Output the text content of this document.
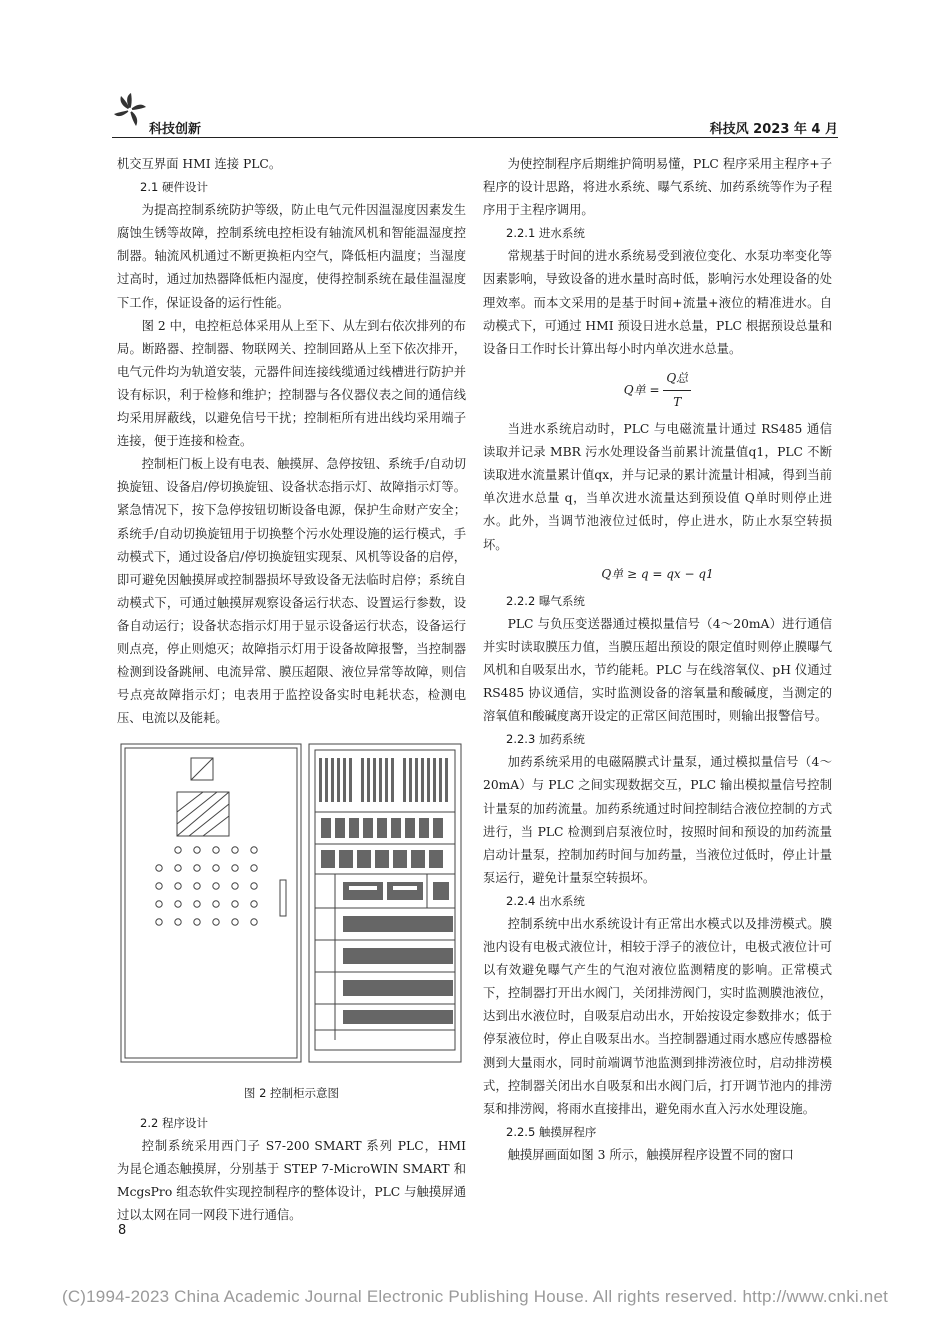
科技创新	科技风 2023 年 4 月

机交互界面 HMI 连接 PLC。

2.1 硬件设计

为提高控制系统防护等级，防止电气元件因温湿度因素发生腐蚀生锈等故障，控制系统电控柜设有轴流风机和智能温湿度控制器。轴流风机通过不断更换柜内空气，降低柜内温度；当湿度过高时，通过加热器降低柜内湿度，使得控制系统在最佳温湿度下工作，保证设备的运行性能。

图 2 中，电控柜总体采用从上至下、从左到右依次排列的布局。断路器、控制器、物联网关、控制回路从上至下依次排开，电气元件均为轨道安装，元器件间连接线缆通过线槽进行防护并设有标识，利于检修和维护；控制器与各仪器仪表之间的通信线均采用屏蔽线，以避免信号干扰；控制柜所有进出线均采用端子连接，便于连接和检查。

控制柜门板上设有电表、触摸屏、急停按钮、系统手/自动切换旋钮、设备启/停切换旋钮、设备状态指示灯、故障指示灯等。紧急情况下，按下急停按钮切断设备电源，保护生命财产安全；系统手/自动切换旋钮用于切换整个污水处理设施的运行模式，手动模式下，通过设备启/停切换旋钮实现泵、风机等设备的启停，即可避免因触摸屏或控制器损坏导致设备无法临时启停；系统自动模式下，可通过触摸屏观察设备运行状态、设置运行参数，设备自动运行；设备状态指示灯用于显示设备运行状态，设备运行则点亮，停止则熄灭；故障指示灯用于设备故障报警，当控制器检测到设备跳闸、电流异常、膜压超限、液位异常等故障，则信号点亮故障指示灯；电表用于监控设备实时电耗状态，检测电压、电流以及能耗。

图 2 控制柜示意图
2.2 程序设计

控制系统采用西门子 S7-200 SMART 系列 PLC，HMI 为昆仑通态触摸屏，分别基于 STEP 7-MicroWIN SMART 和 McgsPro 组态软件实现控制程序的整体设计，PLC 与触摸屏通过以太网在同一网段下进行通信。

为使控制程序后期维护简明易懂，PLC 程序采用主程序+子程序的设计思路，将进水系统、曝气系统、加药系统等作为子程序用于主程序调用。

2.2.1 进水系统

常规基于时间的进水系统易受到液位变化、水泵功率变化等因素影响，导致设备的进水量时高时低，影响污水处理设备的处理效率。而本文采用的是基于时间+流量+液位的精准进水。自动模式下，可通过 HMI 预设日进水总量，PLC 根据预设总量和设备日工作时长计算出每小时内单次进水总量。

Q单 = $\frac{\text{Q总}}{T}$

当进水系统启动时，PLC 与电磁流量计通过 RS485 通信读取并记录 MBR 污水处理设备当前累计流量值q1，PLC 不断读取进水流量累计值qx，并与记录的累计流量计相减，得到当前单次进水总量 q，当单次进水流量达到预设值 Q单时则停止进水。此外，当调节池液位过低时，停止进水，防止水泵空转损坏。

Q单 ≥ q = qx − q1
2.2.2 曝气系统

PLC 与负压变送器通过模拟量信号（4～20mA）进行通信并实时读取膜压力值，当膜压超出预设的限定值时则停止膜曝气风机和自吸泵出水，节约能耗。PLC 与在线溶氧仪、pH 仪通过 RS485 协议通信，实时监测设备的溶氧量和酸碱度，当测定的溶氧值和酸碱度离开设定的正常区间范围时，则输出报警信号。

2.2.3 加药系统

加药系统采用的电磁隔膜式计量泵，通过模拟量信号（4～20mA）与 PLC 之间实现数据交互，PLC 输出模拟量信号控制计量泵的加药流量。加药系统通过时间控制结合液位控制的方式进行，当 PLC 检测到启泵液位时，按照时间和预设的加药流量启动计量泵，控制加药时间与加药量，当液位过低时，停止计量泵运行，避免计量泵空转损坏。

2.2.4 出水系统

控制系统中出水系统设计有正常出水模式以及排涝模式。膜池内设有电极式液位计，相较于浮子的液位计，电极式液位计可以有效避免曝气产生的气泡对液位监测精度的影响。正常模式下，控制器打开出水阀门，关闭排涝阀门，实时监测膜池液位，达到出水液位时，自吸泵启动出水，开始按设定参数排水；低于停泵液位时，停止自吸泵出水。当控制器通过雨水感应传感器检测到大量雨水，同时前端调节池监测到排涝液位时，启动排涝模式，控制器关闭出水自吸泵和出水阀门后，打开调节池内的排涝泵和排涝阀，将雨水直接排出，避免雨水直入污水处理设施。

2.2.5 触摸屏程序

触摸屏画面如图 3 所示，触摸屏程序设置不同的窗口

8
(C)1994-2023 China Academic Journal Electronic Publishing House. All rights reserved. http://www.cnki.net
